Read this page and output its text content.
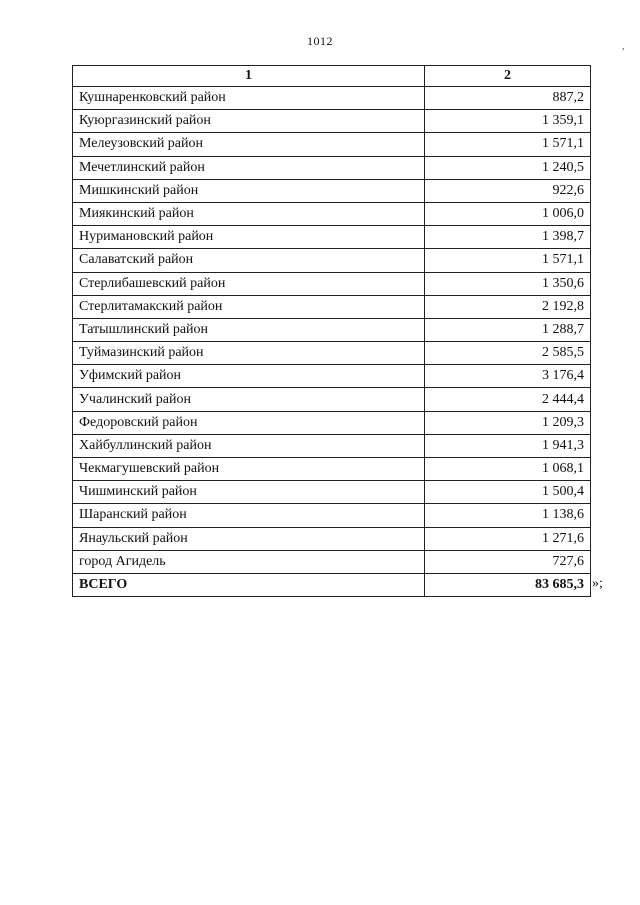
1012	,
1	2
Кушнаренковский район	887,2
Куюргазинский район	1 359,1
Мелеузовский район	1 571,1
Мечетлинский район	1 240,5
Мишкинский район	922,6
Миякинский район	1 006,0
Нуримановский район	1 398,7
Салаватский район	1 571,1
Стерлибашевский район	1 350,6
Стерлитамакский район	2 192,8
Татышлинский район	1 288,7
Туймазинский район	2 585,5
Уфимский район	3 176,4
Учалинский район	2 444,4
Федоровский район	1 209,3
Хайбуллинский район	1 941,3
Чекмагушевский район	1 068,1
Чишминский район	1 500,4
Шаранский район	1 138,6
Янаульский район	1 271,6
город Агидель	727,6
ВСЕГО	83 685,3 »;
